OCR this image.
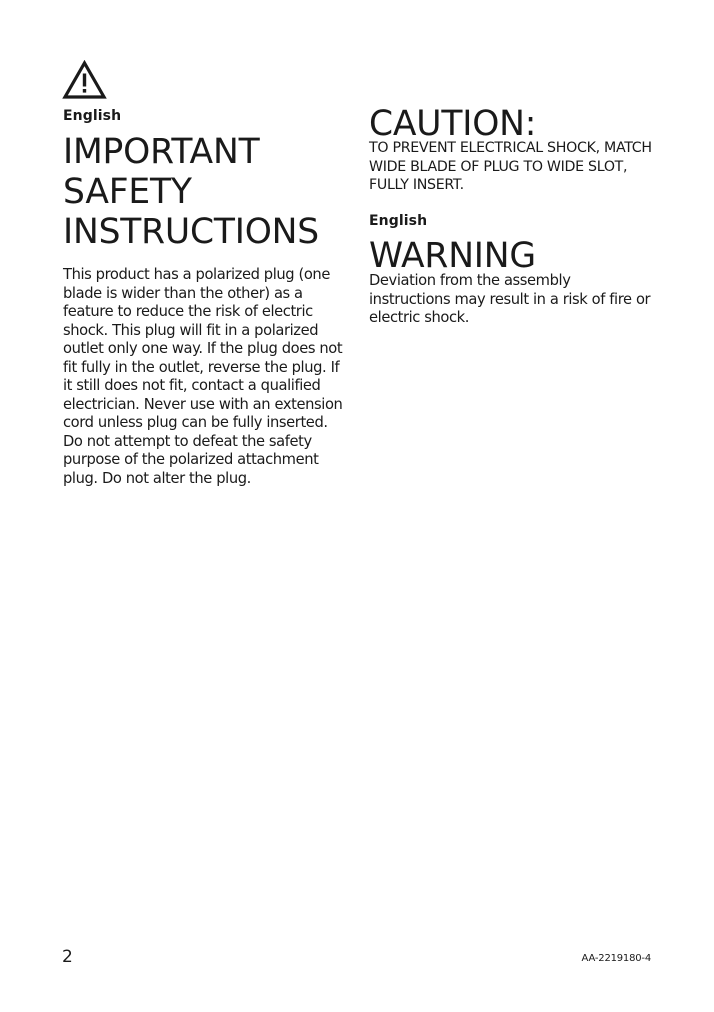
English
IMPORTANT SAFETY INSTRUCTIONS

This product has a polarized plug (one blade is wider than the other) as a feature to reduce the risk of electric shock. This plug will fit in a polarized outlet only one way. If the plug does not fit fully in the outlet, reverse the plug. If it still does not fit, contact a qualified electrician. Never use with an extension cord unless plug can be fully inserted. Do not attempt to defeat the safety purpose of the polarized attachment plug. Do not alter the plug.

CAUTION:

TO PREVENT ELECTRICAL SHOCK, MATCH WIDE BLADE OF PLUG TO WIDE SLOT, FULLY INSERT.

English
WARNING

Deviation from the assembly instructions may result in a risk of fire or electric shock.

2	AA-2219180-4
